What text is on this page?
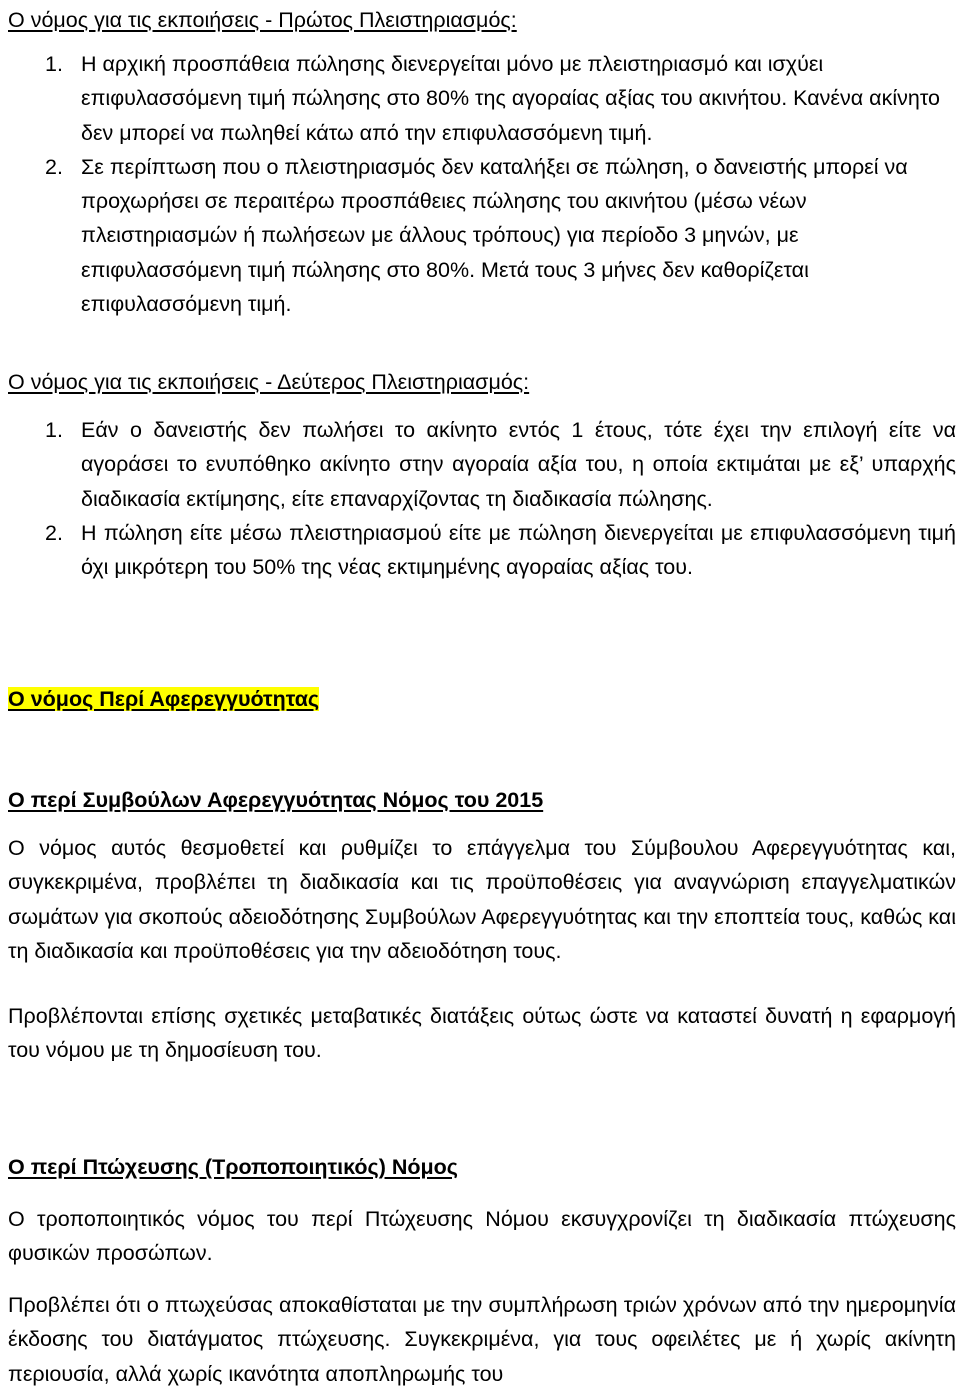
Ο νόμος για τις εκποιήσεις - Πρώτος Πλειστηριασμός:
1. Η αρχική προσπάθεια πώλησης διενεργείται μόνο με πλειστηριασμό και ισχύει επιφυλασσόμενη τιμή πώλησης στο 80% της αγοραίας αξίας του ακινήτου. Κανένα ακίνητο δεν μπορεί να πωληθεί κάτω από την επιφυλασσόμενη τιμή.
2. Σε περίπτωση που ο πλειστηριασμός δεν καταλήξει σε πώληση, ο δανειστής μπορεί να προχωρήσει σε περαιτέρω προσπάθειες πώλησης του ακινήτου (μέσω νέων πλειστηριασμών ή πωλήσεων με άλλους τρόπους) για περίοδο 3 μηνών, με επιφυλασσόμενη τιμή πώλησης στο 80%. Μετά τους 3 μήνες δεν καθορίζεται επιφυλασσόμενη τιμή.
Ο νόμος για τις εκποιήσεις - Δεύτερος Πλειστηριασμός:
1. Εάν ο δανειστής δεν πωλήσει το ακίνητο εντός 1 έτους, τότε έχει την επιλογή είτε να αγοράσει το ενυπόθηκο ακίνητο στην αγοραία αξία του, η οποία εκτιμάται με εξ’ υπαρχής διαδικασία εκτίμησης, είτε επαναρχίζοντας τη διαδικασία πώλησης.
2. Η πώληση είτε μέσω πλειστηριασμού είτε με πώληση διενεργείται με επιφυλασσόμενη τιμή όχι μικρότερη του 50% της νέας εκτιμημένης αγοραίας αξίας του.
Ο νόμος Περί Αφερεγγυότητας
Ο περί Συμβούλων Αφερεγγυότητας Νόμος του 2015

Ο νόμος αυτός θεσμοθετεί και ρυθμίζει το επάγγελμα του Σύμβουλου Αφερεγγυότητας και, συγκεκριμένα, προβλέπει τη διαδικασία και τις προϋποθέσεις για αναγνώριση επαγγελματικών σωμάτων για σκοπούς αδειοδότησης Συμβούλων Αφερεγγυότητας και την εποπτεία τους, καθώς και τη διαδικασία και προϋποθέσεις για την αδειοδότηση τους.

Προβλέπονται επίσης σχετικές μεταβατικές διατάξεις ούτως ώστε να καταστεί δυνατή η εφαρμογή του νόμου με τη δημοσίευση του.

Ο περί Πτώχευσης (Τροποποιητικός) Νόμος

Ο τροποποιητικός νόμος του περί Πτώχευσης Νόμου εκσυγχρονίζει τη διαδικασία πτώχευσης φυσικών προσώπων.

Προβλέπει ότι ο πτωχεύσας αποκαθίσταται με την συμπλήρωση τριών χρόνων από την ημερομηνία έκδοσης του διατάγματος πτώχευσης. Συγκεκριμένα, για τους οφειλέτες με ή χωρίς ακίνητη περιουσία, αλλά χωρίς ικανότητα αποπληρωμής του
